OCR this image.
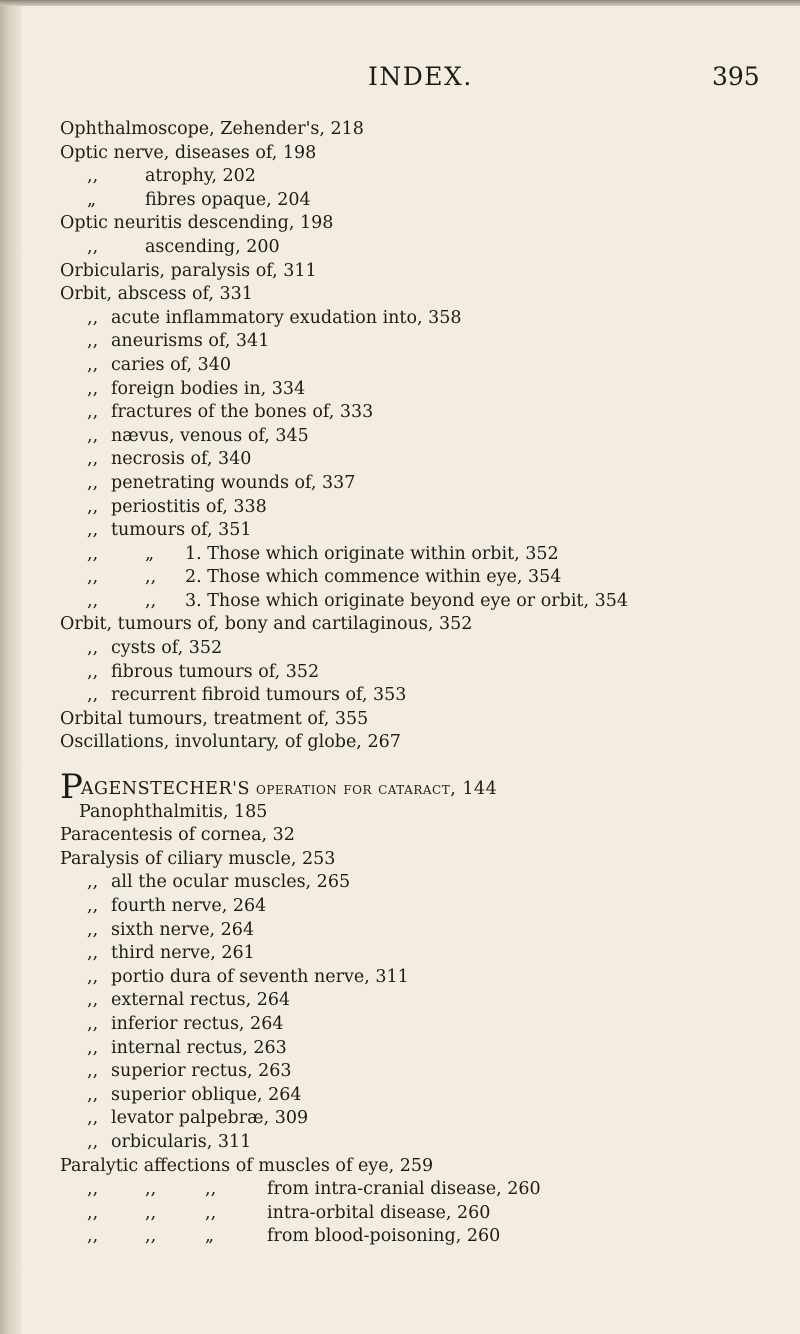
INDEX.	395
Ophthalmoscope, Zehender's, 218
Optic nerve, diseases of, 198
,,	atrophy, 202
„	fibres opaque, 204
Optic neuritis descending, 198
,,	ascending, 200
Orbicularis, paralysis of, 311
Orbit, abscess of, 331
,, acute inflammatory exudation into, 358
,, aneurisms of, 341
,, caries of, 340
,, foreign bodies in, 334
,, fractures of the bones of, 333
,, nævus, venous of, 345
,, necrosis of, 340
,, penetrating wounds of, 337
,, periostitis of, 338
,, tumours of, 351
,,	„ 1. Those which originate within orbit, 352
,,	,, 2. Those which commence within eye, 354
,,	,, 3. Those which originate beyond eye or orbit, 354
Orbit, tumours of, bony and cartilaginous, 352
,, cysts of, 352
,, fibrous tumours of, 352
,, recurrent fibroid tumours of, 353
Orbital tumours, treatment of, 355
Oscillations, involuntary, of globe, 267
PAGENSTECHER'S operation for cataract, 144
Panophthalmitis, 185
Paracentesis of cornea, 32
Paralysis of ciliary muscle, 253
,, all the ocular muscles, 265
,, fourth nerve, 264
,, sixth nerve, 264
,, third nerve, 261
,, portio dura of seventh nerve, 311
,, external rectus, 264
,, inferior rectus, 264
,, internal rectus, 263
,, superior rectus, 263
,, superior oblique, 264
,, levator palpebræ, 309
,, orbicularis, 311
Paralytic affections of muscles of eye, 259
,,	,,	,,	from intra-cranial disease, 260
,,	,,	,,	intra-orbital disease, 260
,,	,,	„	from blood-poisoning, 260
